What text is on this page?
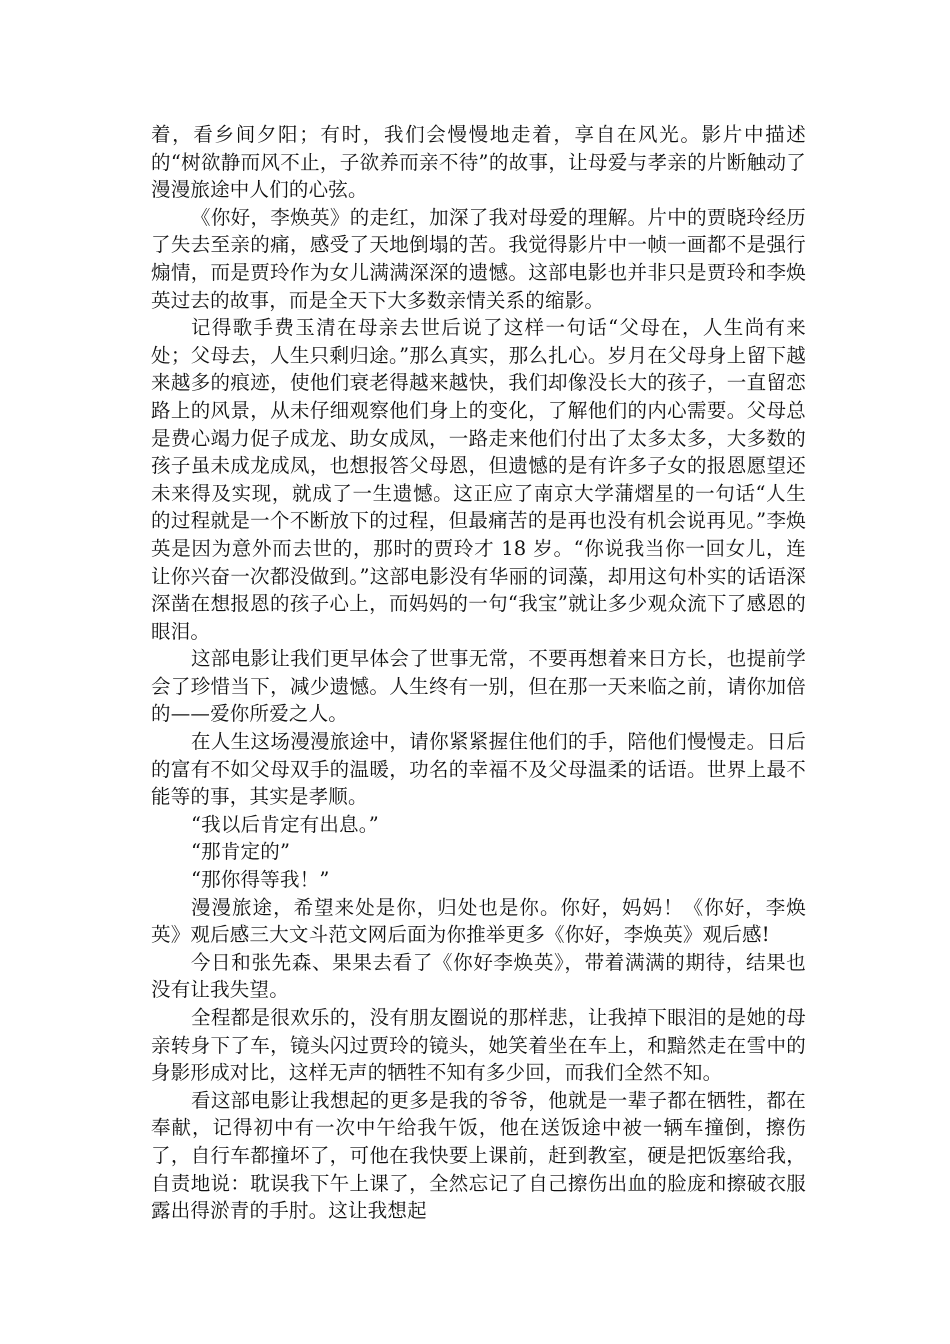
着，看乡间夕阳；有时，我们会慢慢地走着，享自在风光。影片中描述的“树欲静而风不止，子欲养而亲不待”的故事，让母爱与孝亲的片断触动了漫漫旅途中人们的心弦。

《你好，李焕英》的走红，加深了我对母爱的理解。片中的贾晓玲经历了失去至亲的痛，感受了天地倒塌的苦。我觉得影片中一帧一画都不是强行煽情，而是贾玲作为女儿满满深深的遗憾。这部电影也并非只是贾玲和李焕英过去的故事，而是全天下大多数亲情关系的缩影。

记得歌手费玉清在母亲去世后说了这样一句话“父母在，人生尚有来处；父母去，人生只剩归途。”那么真实，那么扎心。岁月在父母身上留下越来越多的痕迹，使他们衰老得越来越快，我们却像没长大的孩子，一直留恋路上的风景，从未仔细观察他们身上的变化，了解他们的内心需要。父母总是费心竭力促子成龙、助女成凤，一路走来他们付出了太多太多，大多数的孩子虽未成龙成凤，也想报答父母恩，但遗憾的是有许多子女的报恩愿望还未来得及实现，就成了一生遗憾。这正应了南京大学蒲熠星的一句话“人生的过程就是一个不断放下的过程，但最痛苦的是再也没有机会说再见。”李焕英是因为意外而去世的，那时的贾玲才 18 岁。“你说我当你一回女儿，连让你兴奋一次都没做到。”这部电影没有华丽的词藻，却用这句朴实的话语深深凿在想报恩的孩子心上，而妈妈的一句“我宝”就让多少观众流下了感恩的眼泪。

这部电影让我们更早体会了世事无常，不要再想着来日方长，也提前学会了珍惜当下，减少遗憾。人生终有一别，但在那一天来临之前，请你加倍的——爱你所爱之人。

在人生这场漫漫旅途中，请你紧紧握住他们的手，陪他们慢慢走。日后的富有不如父母双手的温暖，功名的幸福不及父母温柔的话语。世界上最不能等的事，其实是孝顺。

“我以后肯定有出息。”

“那肯定的”

“那你得等我！”

漫漫旅途，希望来处是你，归处也是你。你好，妈妈！《你好，李焕英》观后感三大文斗范文网后面为你推举更多《你好，李焕英》观后感!

今日和张先森、果果去看了《你好李焕英》，带着满满的期待，结果也没有让我失望。

全程都是很欢乐的，没有朋友圈说的那样悲，让我掉下眼泪的是她的母亲转身下了车，镜头闪过贾玲的镜头，她笑着坐在车上，和黯然走在雪中的身影形成对比，这样无声的牺牲不知有多少回，而我们全然不知。

看这部电影让我想起的更多是我的爷爷，他就是一辈子都在牺牲，都在奉献，记得初中有一次中午给我午饭，他在送饭途中被一辆车撞倒，擦伤了，自行车都撞坏了，可他在我快要上课前，赶到教室，硬是把饭塞给我，自责地说：耽误我下午上课了，全然忘记了自己擦伤出血的脸庞和擦破衣服露出得淤青的手肘。这让我想起
